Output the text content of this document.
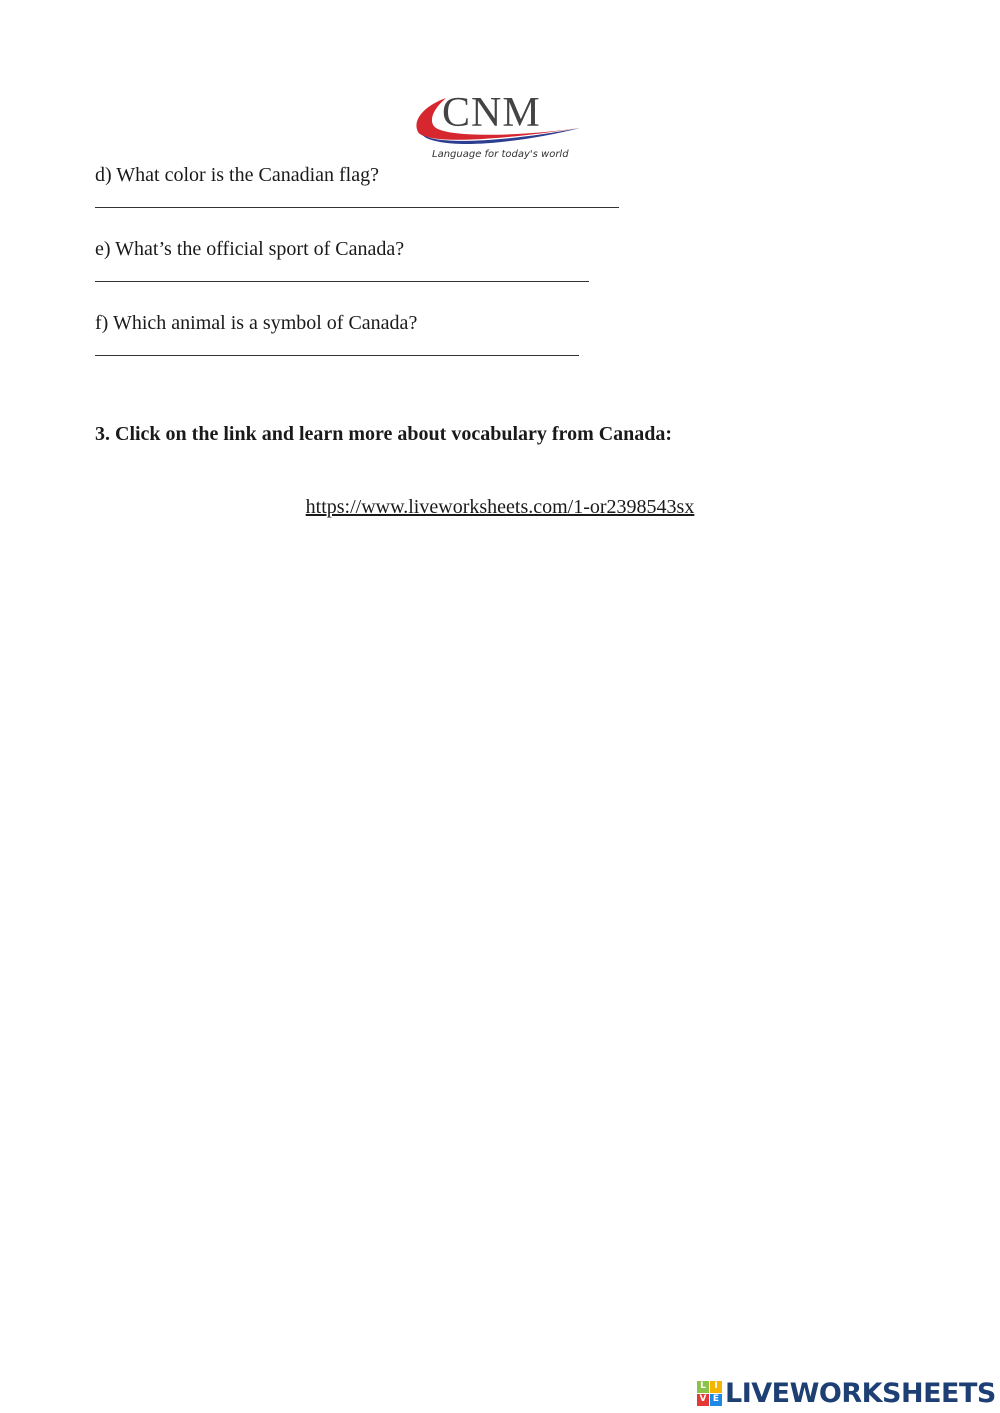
CNM
Language for today's world
d) What color is the Canadian flag?
e) What’s the official sport of Canada?
f) Which animal is a symbol of Canada?
3. Click on the link and learn more about vocabulary from Canada:
https://www.liveworksheets.com/1-or2398543sx
L I
V E LIVEWORKSHEETS
